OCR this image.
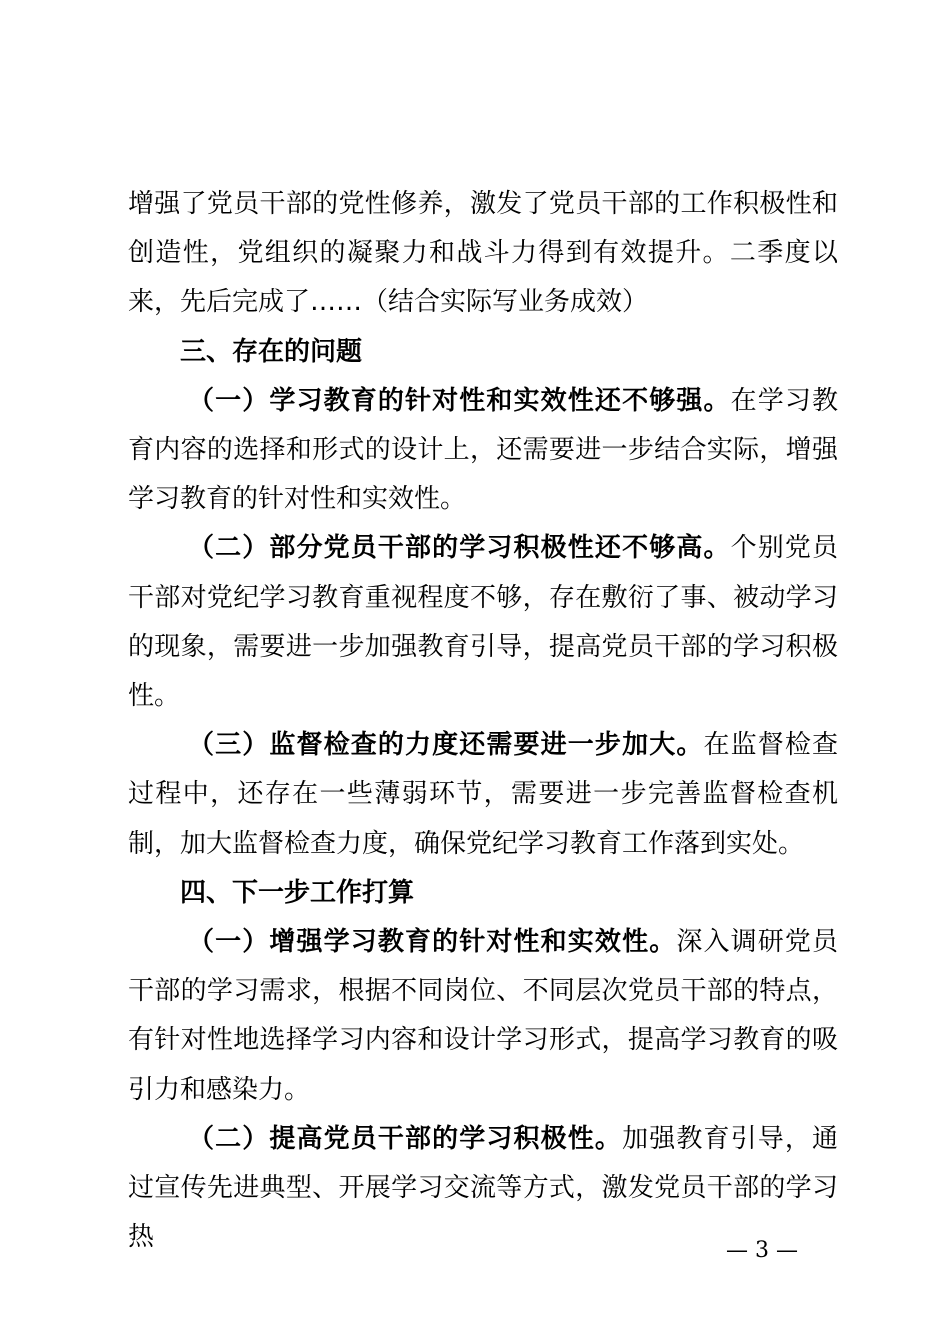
增强了党员干部的党性修养，激发了党员干部的工作积极性和创造性，党组织的凝聚力和战斗力得到有效提升。二季度以来，先后完成了……（结合实际写业务成效）

三、存在的问题

（一）学习教育的针对性和实效性还不够强。在学习教育内容的选择和形式的设计上，还需要进一步结合实际，增强学习教育的针对性和实效性。

（二）部分党员干部的学习积极性还不够高。个别党员干部对党纪学习教育重视程度不够，存在敷衍了事、被动学习的现象，需要进一步加强教育引导，提高党员干部的学习积极性。

（三）监督检查的力度还需要进一步加大。在监督检查过程中，还存在一些薄弱环节，需要进一步完善监督检查机制，加大监督检查力度，确保党纪学习教育工作落到实处。

四、下一步工作打算

（一）增强学习教育的针对性和实效性。深入调研党员干部的学习需求，根据不同岗位、不同层次党员干部的特点，有针对性地选择学习内容和设计学习形式，提高学习教育的吸引力和感染力。

（二）提高党员干部的学习积极性。加强教育引导，通过宣传先进典型、开展学习交流等方式，激发党员干部的学习热	— 3 —
